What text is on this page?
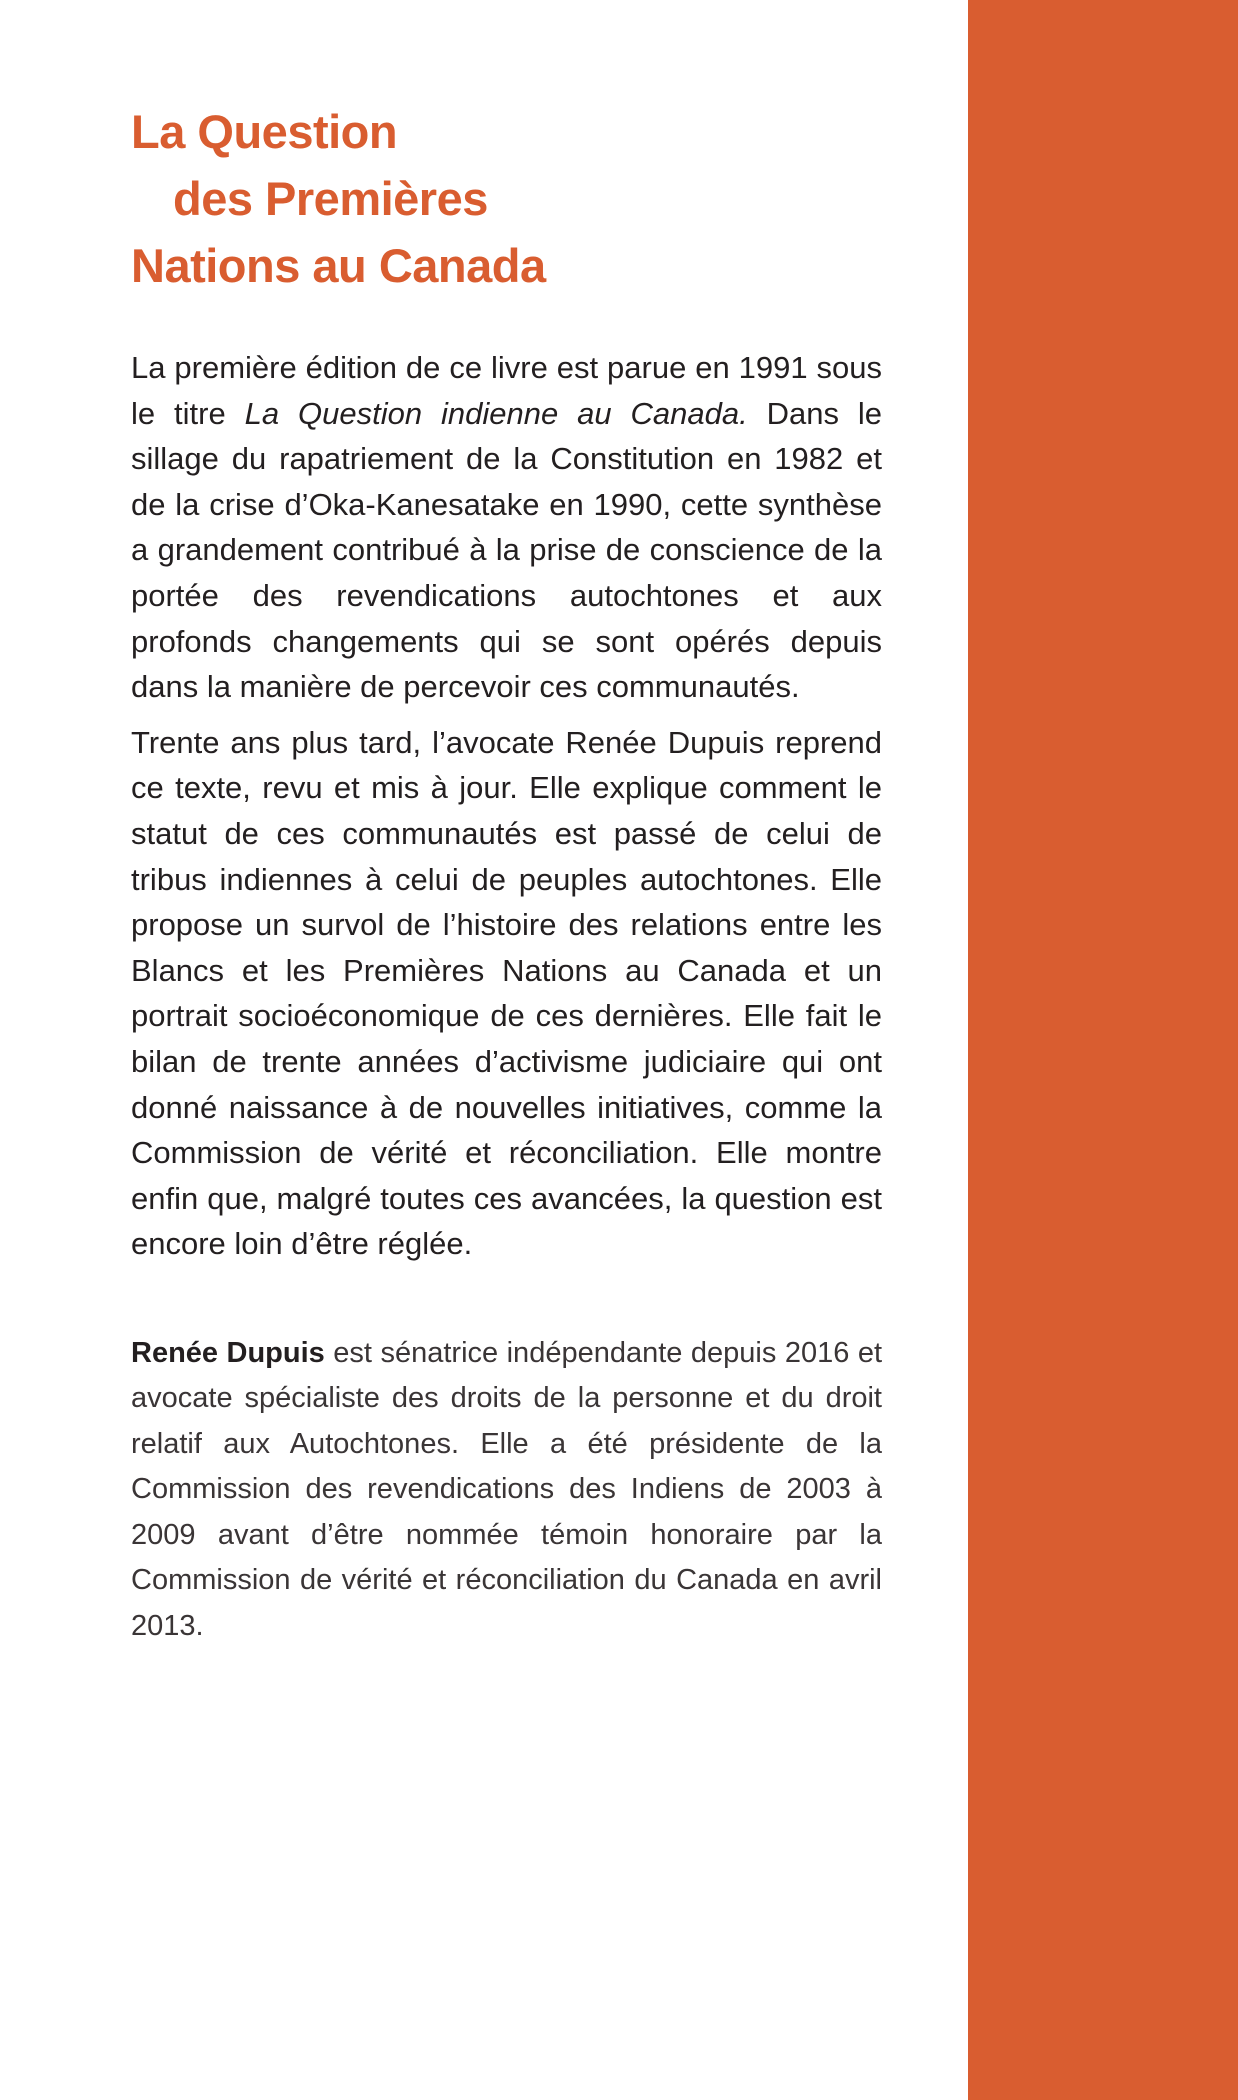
La Question
des Premières
Nations au Canada

La première édition de ce livre est parue en 1991 sous le titre La Question indienne au Canada. Dans le sillage du rapatriement de la Constitution en 1982 et de la crise d’Oka-Kanesatake en 1990, cette synthèse a grandement contribué à la prise de conscience de la portée des revendications autochtones et aux profonds changements qui se sont opérés depuis dans la manière de percevoir ces communautés.

Trente ans plus tard, l’avocate Renée Dupuis reprend ce texte, revu et mis à jour. Elle explique comment le statut de ces communautés est passé de celui de tribus indiennes à celui de peuples autochtones. Elle propose un survol de l’histoire des relations entre les Blancs et les Premières Nations au Canada et un portrait socioéconomique de ces dernières. Elle fait le bilan de trente années d’activisme judiciaire qui ont donné naissance à de nouvelles initiatives, comme la Commission de vérité et réconciliation. Elle montre enfin que, malgré toutes ces avancées, la question est encore loin d’être réglée.

Renée Dupuis est sénatrice indépendante depuis 2016 et avocate spécialiste des droits de la personne et du droit relatif aux Autochtones. Elle a été présidente de la Commission des revendications des Indiens de 2003 à 2009 avant d’être nommée témoin honoraire par la Commission de vérité et réconciliation du Canada en avril 2013.
